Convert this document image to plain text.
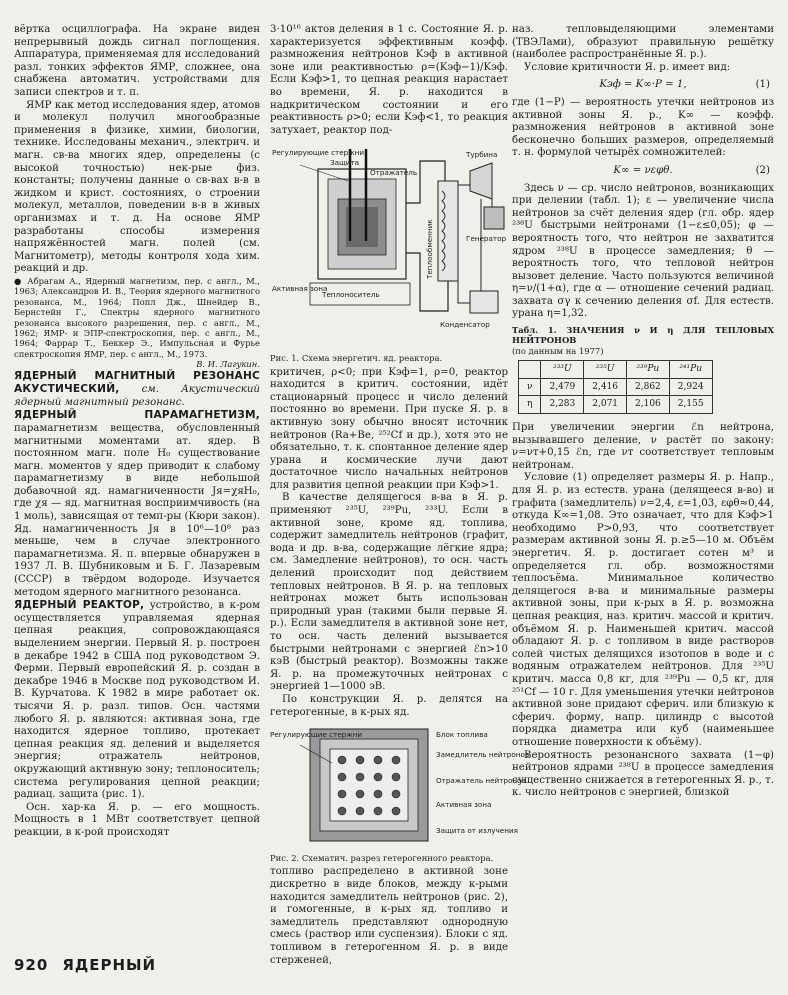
вёртка осциллографа. На экране виден непрерывный дождь сигнал поглощения. Аппаратура, применяемая для исследований разл. тонких эффектов ЯМР, сложнее, она снабжена автоматич. устройствами для записи спектров и т. п.

ЯМР как метод исследования ядер, атомов и молекул получил многообразные применения в физике, химии, биологии, технике. Исследованы механич., электрич. и магн. св-ва многих ядер, определены (с высокой точностью) нек-рые физ. константы; получены данные о св-вах в-в в жидком и крист. состояниях, о строении молекул, металлов, поведении в-в в живых организмах и т. д. На основе ЯМР разработаны способы измерения напряжённостей магн. полей (см. Магнитометр), методы контроля хода хим. реакций и др.

● Абрагам А., Ядерный магнетизм, пер. с англ., М., 1963; Александров И. В., Теория ядерного магнитного резонанса, М., 1964; Попл Дж., Шнейдер В., Бернстейн Г., Спектры ядерного магнитного резонанса высокого разрешения, пер. с англ., М., 1962; ЯМР- и ЭПР-спектроскопия, пер. с англ., М., 1964; Фаррар Т., Беккер Э., Импульсная и Фурье спектроскопия ЯМР, пер. с англ., М., 1973.

В. И. Лагукин.

ЯДЕРНЫЙ МАГНИТНЫЙ РЕЗОНАНС АКУСТИЧЕСКИЙ, см. Акустический ядерный магнитный резонанс.

ЯДЕРНЫЙ ПАРАМАГНЕТИЗМ, парамагнетизм вещества, обусловленный магнитными моментами ат. ядер. В постоянном магн. поле H₀ существование магн. моментов у ядер приводит к слабому парамагнетизму в виде небольшой добавочной яд. намагниченности Jя=χяH₀, где χя — яд. магнитная восприимчивость (на 1 моль), зависящая от темп-ры (Кюри закон). Яд. намагниченность Jя в 10⁶—10⁸ раз меньше, чем в случае электронного парамагнетизма. Я. п. впервые обнаружен в 1937 Л. В. Шубниковым и Б. Г. Лазаревым (СССР) в твёрдом водороде. Изучается методом ядерного магнитного резонанса.

ЯДЕРНЫЙ РЕАКТОР, устройство, в к-ром осуществляется управляемая ядерная цепная реакция, сопровождающаяся выделением энергии. Первый Я. р. построен в декабре 1942 в США под руководством Э. Ферми. Первый европейский Я. р. создан в декабре 1946 в Москве под руководством И. В. Курчатова. К 1982 в мире работает ок. тысячи Я. р. разл. типов. Осн. частями любого Я. р. являются: активная зона, где находится ядерное топливо, протекает цепная реакция яд. делений и выделяется энергия; отражатель нейтронов, окружающий активную зону; теплоноситель; система регулирования цепной реакции; радиац. защита (рис. 1).

Осн. хар-ка Я. р. — его мощность. Мощность в 1 МВт соответствует цепной реакции, в к-рой происходят

3·10¹⁶ актов деления в 1 с. Состояние Я. р. характеризуется эффективным коэфф. размножения нейтронов Kэф в активной зоне или реактивностью ρ=(Kэф−1)/Kэф. Если Kэф>1, то цепная реакция нарастает во времени, Я. р. находится в надкритическом состоянии и его реактивность ρ>0; если Kэф<1, то реакция затухает, реактор под-

Регулирующие стержни
Защита
Отражатель
Турбина
Теплообменник	Генератор
Активная зона
Теплоноситель
Конденсатор

Рис. 1. Схема энергетич. яд. реактора.

критичен, ρ<0; при Kэф=1, ρ=0, реактор находится в критич. состоянии, идёт стационарный процесс и число делений постоянно во времени. При пуске Я. р. в активную зону обычно вносят источник нейтронов (Ra+Be, ²⁵²Cf и др.), хотя это не обязательно, т. к. спонтанное деление ядер урана и космические лучи дают достаточное число начальных нейтронов для развития цепной реакции при Kэф>1.

В качестве делящегося в-ва в Я. р. применяют ²³⁵U, ²³⁹Pu, ²³³U. Если в активной зоне, кроме яд. топлива, содержит замедлитель нейтронов (графит, вода и др. в-ва, содержащие лёгкие ядра; см. Замедление нейтронов), то осн. часть делений происходит под действием тепловых нейтронов. В Я. р. на тепловых нейтронах может быть использован природный уран (такими были первые Я. р.). Если замедлителя в активной зоне нет, то осн. часть делений вызывается быстрыми нейтронами с энергией ℰn>10 кэВ (быстрый реактор). Возможны также Я. р. на промежуточных нейтронах с энергией 1—1000 эВ.

По конструкции Я. р. делятся на гетерогенные, в к-рых яд.

Регулирующие стержни	Блок топлива
Замедлитель нейтронов
Отражатель нейтронов
Активная зона
Защита от излучения

Рис. 2. Схематич. разрез гетерогенного реактора.

топливо распределено в активной зоне дискретно в виде блоков, между к-рыми находится замедлитель нейтронов (рис. 2), и гомогенные, в к-рых яд. топливо и замедлитель представляют однородную смесь (раствор или суспензия). Блоки с яд. топливом в гетерогенном Я. р. в виде стерженей,

наз. тепловыделяющими элементами (ТВЭЛами), образуют правильную решётку (наиболее распространённые Я. р.).

Условие критичности Я. р. имеет вид:

Kэф = K∞·P = 1,	(1)

где (1−P) — вероятность утечки нейтронов из активной зоны Я. р., K∞ — коэфф. размножения нейтронов в активной зоне бесконечно больших размеров, определяемый т. н. формулой четырёх сомножителей:

K∞ = νεφθ.	(2)

Здесь ν — ср. число нейтронов, возникающих при делении (табл. 1); ε — увеличение числа нейтронов за счёт деления ядер (гл. обр. ядер ²³⁸U быстрыми нейтронами (1−ε≤0,05); φ — вероятность того, что нейтрон не захватится ядром ²³⁸U в процессе замедления; θ — вероятность того, что тепловой нейтрон вызовет деление. Часто пользуются величиной η=ν/(1+α), где α — отношение сечений радиац. захвата σγ к сечению деления σf. Для естеств. урана η=1,32.

Табл. 1. ЗНАЧЕНИЯ ν И η ДЛЯ ТЕПЛОВЫХ НЕЙТРОНОВ

(по данным на 1977)

	²³³U	²³⁵U	²³⁹Pu	²⁴¹Pu
ν	2,479	2,416	2,862	2,924
η	2,283	2,071	2,106	2,155

При увеличении энергии ℰn нейтрона, вызывавшего деление, ν растёт по закону: ν=νт+0,15 ℰn, где νт соответствует тепловым нейтронам.

Условие (1) определяет размеры Я. р. Напр., для Я. р. из естеств. урана (делящееся в-во) и графита (замедлитель) ν=2,4, ε=1,03, εφθ≈0,44, откуда K∞=1,08. Это означает, что для Kэф>1 необходимо P>0,93, что соответствует размерам активной зоны Я. р.≥5—10 м. Объём энергетич. Я. р. достигает сотен м³ и определяется гл. обр. возможностями теплосъёма. Минимальное количество делящегося в-ва и минимальные размеры активной зоны, при к-рых в Я. р. возможна цепная реакция, наз. критич. массой и критич. объёмом Я. р. Наименьшей критич. массой обладают Я. р. с топливом в виде растворов солей чистых делящихся изотопов в воде и с водяным отражателем нейтронов. Для ²³⁵U критич. масса 0,8 кг, для ²³⁹Pu — 0,5 кг, для ²⁵¹Cf — 10 г. Для уменьшения утечки нейтронов активной зоне придают сферич. или близкую к сферич. форму, напр. цилиндр с высотой порядка диаметра или куб (наименьшее отношение поверхности к объёму).

Вероятность резонансного захвата (1−φ) нейтронов ядрами ²³⁸U в процессе замедления существенно снижается в гетерогенных Я. р., т. к. число нейтронов с энергией, близкой

920 ЯДЕРНЫЙ
